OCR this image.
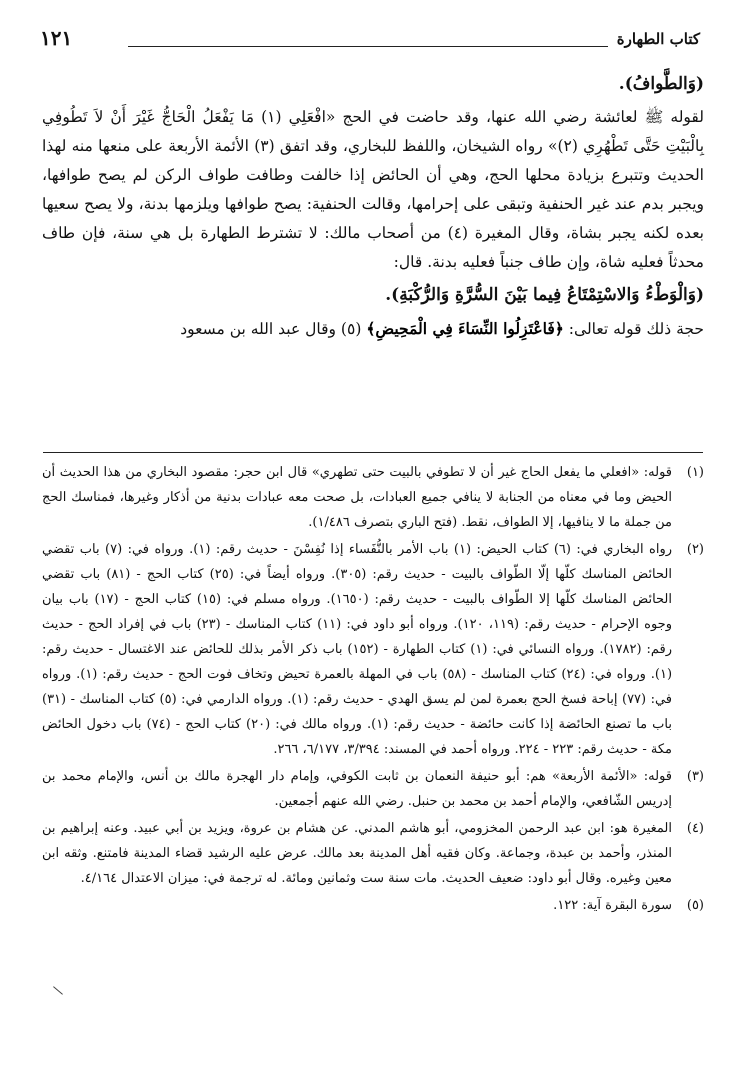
كتاب الطهارة
١٢١

(وَالطَّوافُ).

لقوله ﷺ لعائشة رضي الله عنها، وقد حاضت في الحج «افْعَلِي (١) مَا يَفْعَلُ الْحَاجُّ غَيْرَ أَنْ لاَ تَطُوفِي بِالْبَيْتِ حَتَّى تَطْهُرِي (٢)» رواه الشيخان، واللفظ للبخاري، وقد اتفق (٣) الأئمة الأربعة على منعها منه لهذا الحديث وتتبرع بزيادة محلها الحج، وهي أن الحائض إذا خالفت وطافت طواف الركن لم يصح طوافها، ويجبر بدم عند غير الحنفية وتبقى على إحرامها، وقالت الحنفية: يصح طوافها ويلزمها بدنة، ولا يصح سعيها بعده لكنه يجبر بشاة، وقال المغيرة (٤) من أصحاب مالك: لا تشترط الطهارة بل هي سنة، فإن طاف محدثاً فعليه شاة، وإن طاف جنباً فعليه بدنة. قال:

(وَالْوَطْءُ وَالاسْتِمْتَاعُ فِيما بَيْنَ السُّرَّةِ وَالرُّكْبَةِ).

حجة ذلك قوله تعالى: ﴿فَاعْتَزِلُوا النِّسَاءَ فِي الْمَحِيضِ﴾ (٥) وقال عبد الله بن مسعود

(١)
قوله: «افعلي ما يفعل الحاج غير أن لا تطوفي بالبيت حتى تطهري» قال ابن حجر: مقصود البخاري من هذا الحديث أن الحيض وما في معناه من الجنابة لا ينافي جميع العبادات، بل صحت معه عبادات بدنية من أذكار وغيرها، فمناسك الحج من جملة ما لا ينافيها، إلا الطواف، نقط. (فتح الباري بتصرف ١/٤٨٦).

(٢)
رواه البخاري في: (٦) كتاب الحيض: (١) باب الأمر بالنُّفَساء إذا نُفِسْنَ - حديث رقم: (١). ورواه في: (٧) باب تقضي الحائض المناسك كلّها إلّا الطّواف بالبيت - حديث رقم: (٣٠٥). ورواه أيضاً في: (٢٥) كتاب الحج - (٨١) باب تقضي الحائض المناسك كلّها إلا الطّواف بالبيت - حديث رقم: (١٦٥٠). ورواه مسلم في: (١٥) كتاب الحج - (١٧) باب بيان وجوه الإحرام - حديث رقم: (١١٩، ١٢٠). ورواه أبو داود في: (١١) كتاب المناسك - (٢٣) باب في إفراد الحج - حديث رقم: (١٧٨٢). ورواه النسائي في: (١) كتاب الطهارة - (١٥٢) باب ذكر الأمر بذلك للحائض عند الاغتسال - حديث رقم: (١). ورواه في: (٢٤) كتاب المناسك - (٥٨) باب في المهلة بالعمرة تحيض وتخاف فوت الحج - حديث رقم: (١). ورواه في: (٧٧) إباحة فسخ الحج بعمرة لمن لم يسق الهدي - حديث رقم: (١). ورواه الدارمي في: (٥) كتاب المناسك - (٣١) باب ما تصنع الحائضة إذا كانت حائضة - حديث رقم: (١). ورواه مالك في: (٢٠) كتاب الحج - (٧٤) باب دخول الحائض مكة - حديث رقم: ٢٢٣ - ٢٢٤. ورواه أحمد في المسند: ٣/٣٩٤، ٦/١٧٧، ٢٦٦.

(٣)
قوله: «الأئمة الأربعة» هم: أبو حنيفة النعمان بن ثابت الكوفي، وإمام دار الهجرة مالك بن أنس، والإمام محمد بن إدريس الشّافعي، والإمام أحمد بن محمد بن حنبل. رضي الله عنهم أجمعين.

(٤)
المغيرة هو: ابن عبد الرحمن المخزومي، أبو هاشم المدني. عن هشام بن عروة، ويزيد بن أبي عبيد. وعنه إبراهيم بن المنذر، وأحمد بن عبدة، وجماعة. وكان فقيه أهل المدينة بعد مالك. عرض عليه الرشيد قضاء المدينة فامتنع. وثقه ابن معين وغيره. وقال أبو داود: ضعيف الحديث. مات سنة ست وثمانين ومائة. له ترجمة في: ميزان الاعتدال ٤/١٦٤.

(٥)
سورة البقرة آية: ١٢٢.
